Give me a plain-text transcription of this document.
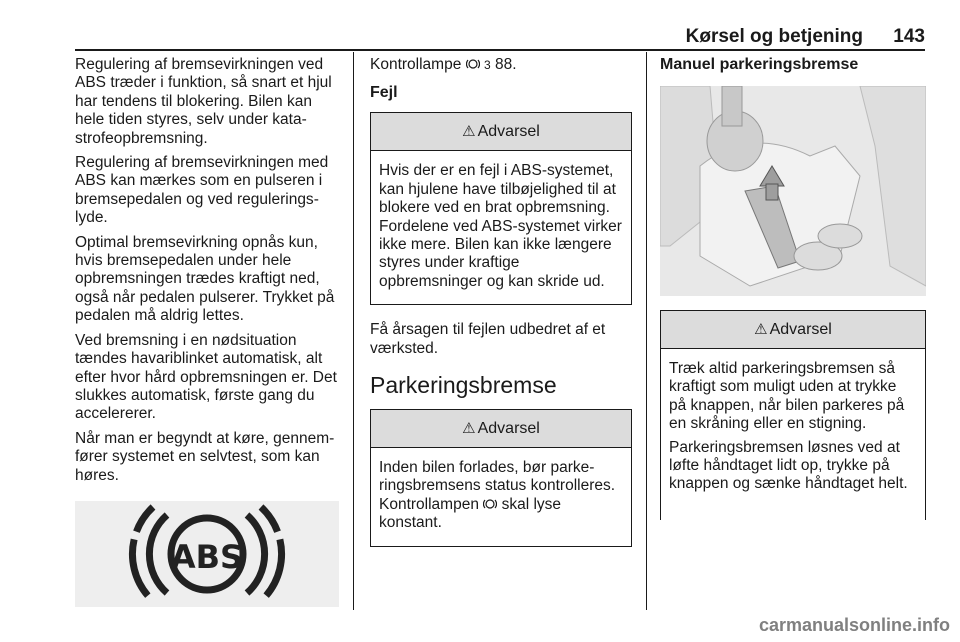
Kørsel og betjening 143

Regulering af bremsevirkningen ved ABS træder i funktion, så snart et hjul har tendens til blokering. Bilen kan hele tiden styres, selv under katastrofeopbremsning.

Regulering af bremsevirkningen med ABS kan mærkes som en pulseren i bremsepedalen og ved reguleringslyde.

Optimal bremsevirkning opnås kun, hvis bremsepedalen under hele opbremsningen trædes kraftigt ned, også når pedalen pulserer. Trykket på pedalen må aldrig lettes.

Ved bremsning i en nødsituation tændes havariblinket automatisk, alt efter hvor hård opbremsningen er. Det slukkes automatisk, første gang du accelererer.

Når man er begyndt at køre, gennemfører systemet en selvtest, som kan høres.

ABS

Kontrollampe 3 88.

Fejl
⚠ Advarsel

Hvis der er en fejl i ABS-systemet, kan hjulene have tilbøjelighed til at blokere ved en brat opbremsning. Fordelene ved ABS-systemet virker ikke mere. Bilen kan ikke længere styres under kraftige opbremsninger og kan skride ud.

Få årsagen til fejlen udbedret af et værksted.

Parkeringsbremse
⚠ Advarsel

Inden bilen forlades, bør parkeringsbremsens status kontrolleres. Kontrollampen skal lyse konstant.

Manuel parkeringsbremse
⚠ Advarsel

Træk altid parkeringsbremsen så kraftigt som muligt uden at trykke på knappen, når bilen parkeres på en skråning eller en stigning.

Parkeringsbremsen løsnes ved at løfte håndtaget lidt op, trykke på knappen og sænke håndtaget helt.

carmanualsonline.info
